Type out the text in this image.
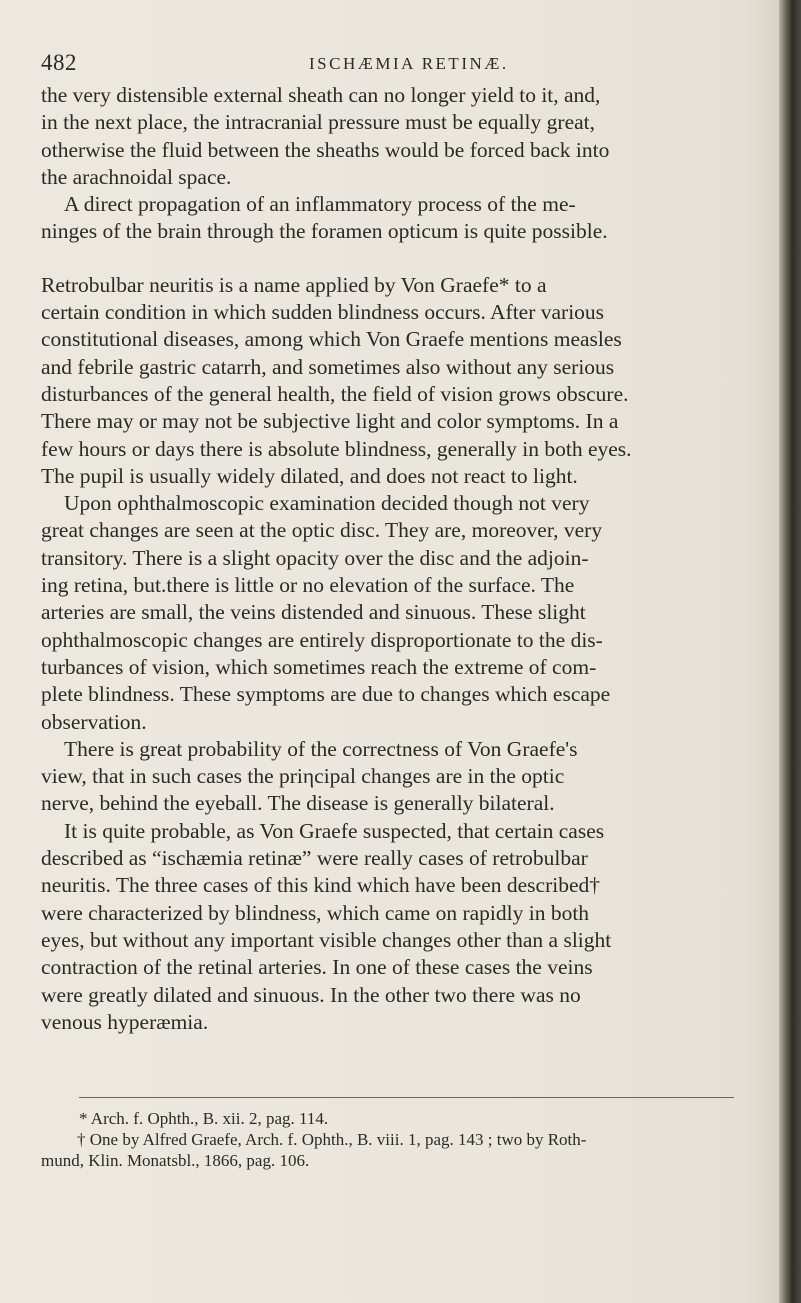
482	ISCHÆMIA RETINÆ.

the very distensible external sheath can no longer yield to it, and,
in the next place, the intracranial pressure must be equally great,
otherwise the fluid between the sheaths would be forced back into
the arachnoidal space.

A direct propagation of an inflammatory process of the me-
ninges of the brain through the foramen opticum is quite possible.

Retrobulbar neuritis is a name applied by Von Graefe* to a
certain condition in which sudden blindness occurs. After various
constitutional diseases, among which Von Graefe mentions measles
and febrile gastric catarrh, and sometimes also without any serious
disturbances of the general health, the field of vision grows obscure.
There may or may not be subjective light and color symptoms. In a
few hours or days there is absolute blindness, generally in both eyes.
The pupil is usually widely dilated, and does not react to light.

Upon ophthalmoscopic examination decided though not very
great changes are seen at the optic disc. They are, moreover, very
transitory. There is a slight opacity over the disc and the adjoin-
ing retina, but.there is little or no elevation of the surface. The
arteries are small, the veins distended and sinuous. These slight
ophthalmoscopic changes are entirely disproportionate to the dis-
turbances of vision, which sometimes reach the extreme of com-
plete blindness. These symptoms are due to changes which escape
observation.

There is great probability of the correctness of Von Graefe's
view, that in such cases the priηcipal changes are in the optic
nerve, behind the eyeball. The disease is generally bilateral.

It is quite probable, as Von Graefe suspected, that certain cases
described as “ischæmia retinæ” were really cases of retrobulbar
neuritis. The three cases of this kind which have been described†
were characterized by blindness, which came on rapidly in both
eyes, but without any important visible changes other than a slight
contraction of the retinal arteries. In one of these cases the veins
were greatly dilated and sinuous. In the other two there was no
venous hyperæmia.

* Arch. f. Ophth., B. xii. 2, pag. 114.
† One by Alfred Graefe, Arch. f. Ophth., B. viii. 1, pag. 143 ; two by Roth-
mund, Klin. Monatsbl., 1866, pag. 106.
